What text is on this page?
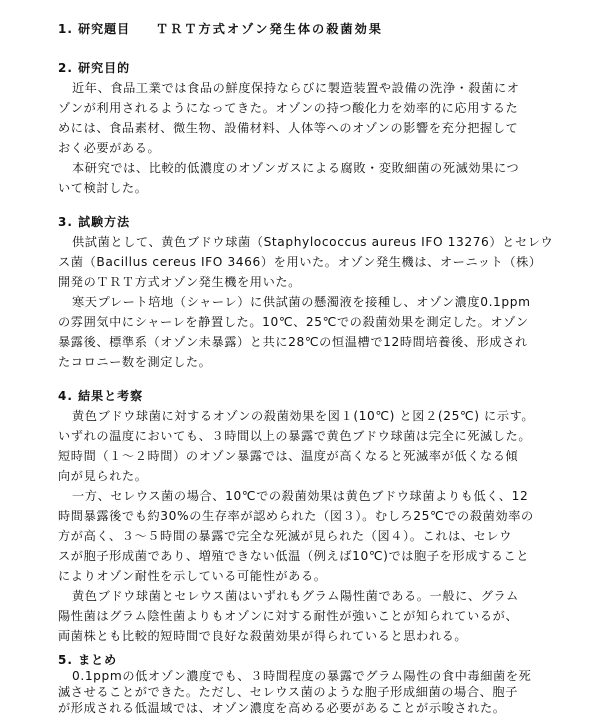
1. 研究題目 ＴＲＴ方式オゾン発生体の殺菌効果
2. 研究目的
近年、食品工業では食品の鮮度保持ならびに製造装置や設備の洗浄・殺菌にオ
ゾンが利用されるようになってきた。オゾンの持つ酸化力を効率的に応用するた
めには、食品素材、微生物、設備材料、人体等へのオゾンの影響を充分把握して
おく必要がある。
本研究では、比較的低濃度のオゾンガスによる腐敗・変敗細菌の死滅効果につ
いて検討した。
3. 試験方法
供試菌として、黄色ブドウ球菌（Staphylococcus aureus IFO 13276）とセレウ
ス菌（Bacillus cereus IFO 3466）を用いた。オゾン発生機は、オーニット（株）
開発のＴＲＴ方式オゾン発生機を用いた。
寒天プレート培地（シャーレ）に供試菌の懸濁液を接種し、オゾン濃度0.1ppm
の雰囲気中にシャーレを静置した。10℃、25℃での殺菌効果を測定した。オゾン
暴露後、標準系（オゾン未暴露）と共に28℃の恒温槽で12時間培養後、形成され
たコロニー数を測定した。
4. 結果と考察
黄色ブドウ球菌に対するオゾンの殺菌効果を図１(10℃) と図２(25℃) に示す。
いずれの温度においても、３時間以上の暴露で黄色ブドウ球菌は完全に死滅した。
短時間（１～２時間）のオゾン暴露では、温度が高くなると死滅率が低くなる傾
向が見られた。
一方、セレウス菌の場合、10℃での殺菌効果は黄色ブドウ球菌よりも低く、12
時間暴露後でも約30%の生存率が認められた（図３）。むしろ25℃での殺菌効率の
方が高く、３～５時間の暴露で完全な死滅が見られた（図４）。これは、セレウ
スが胞子形成菌であり、増殖できない低温（例えば10℃)では胞子を形成すること
によりオゾン耐性を示している可能性がある。
黄色ブドウ球菌とセレウス菌はいずれもグラム陽性菌である。一般に、グラム
陽性菌はグラム陰性菌よりもオゾンに対する耐性が強いことが知られているが、
両菌株とも比較的短時間で良好な殺菌効果が得られていると思われる。
5. まとめ
0.1ppmの低オゾン濃度でも、３時間程度の暴露でグラム陽性の食中毒細菌を死
滅させることができた。ただし、セレウス菌のような胞子形成細菌の場合、胞子
が形成される低温域では、オゾン濃度を高める必要があることが示唆された。
